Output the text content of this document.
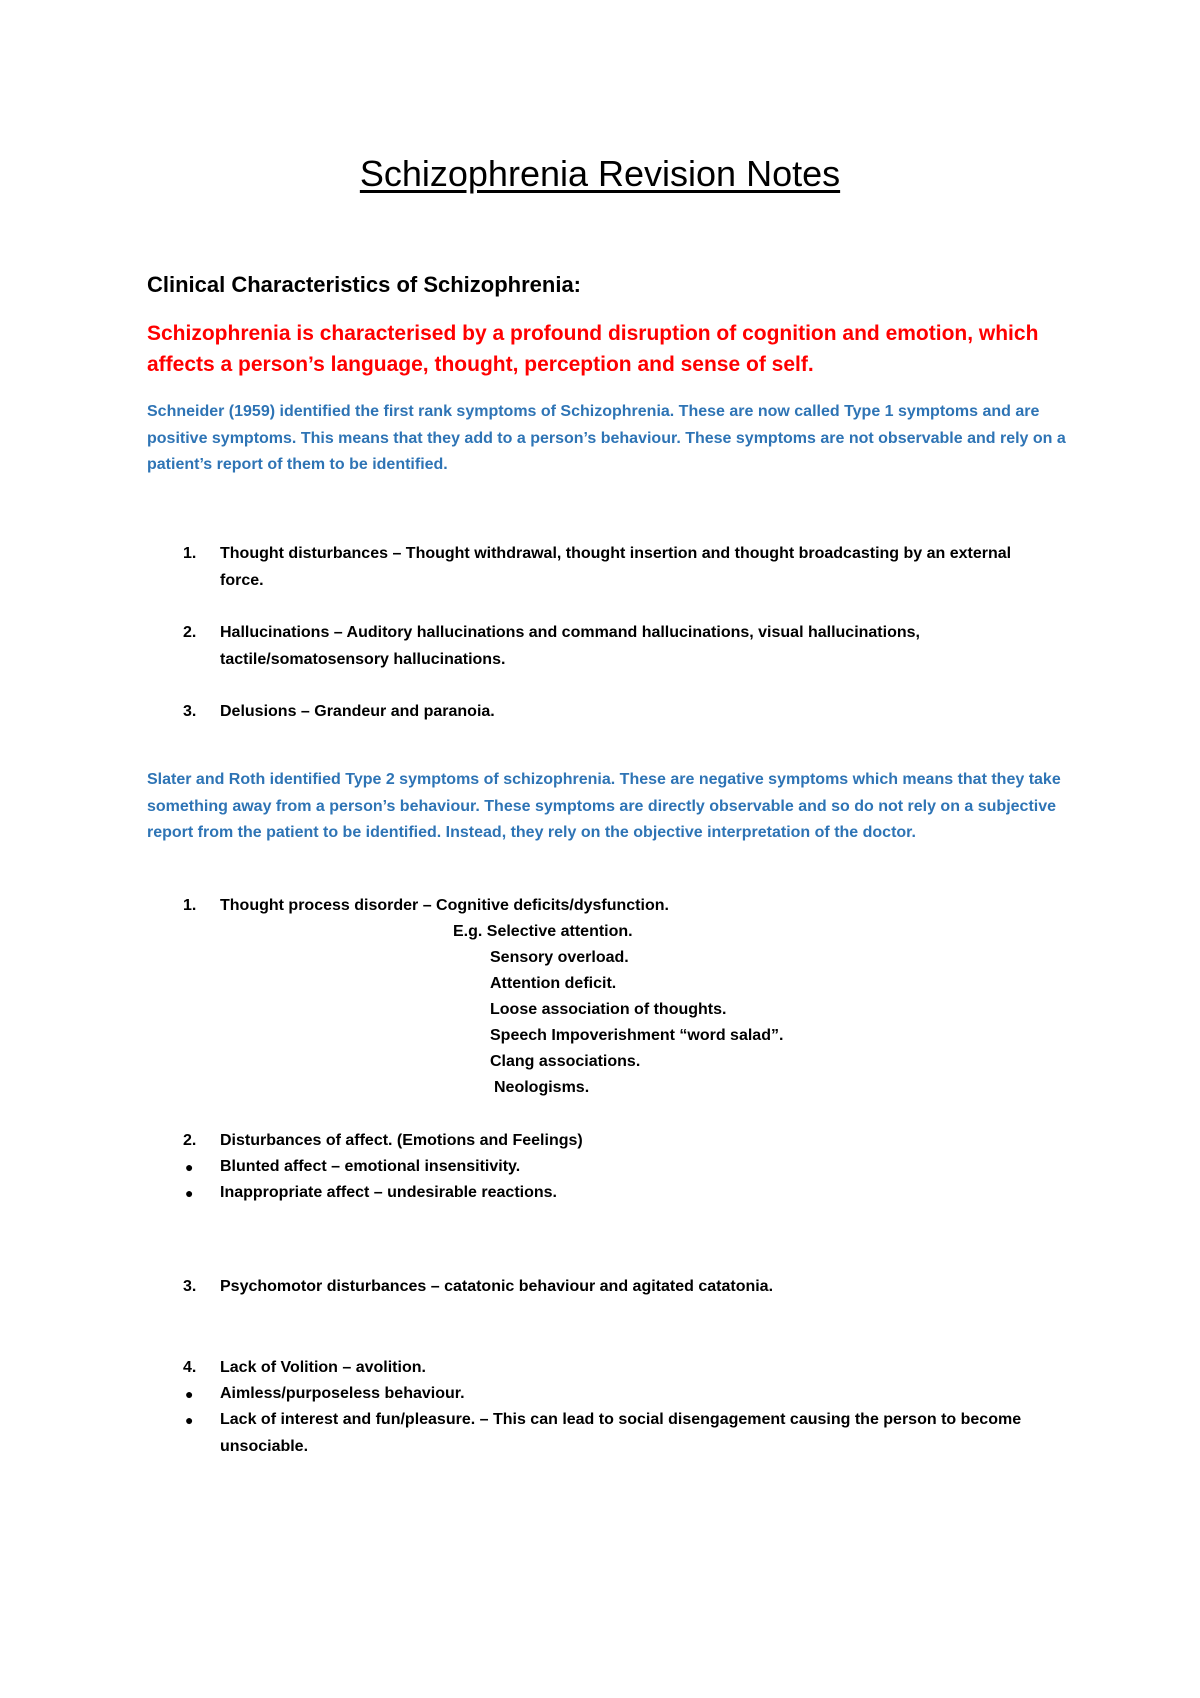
Schizophrenia Revision Notes
Clinical Characteristics of Schizophrenia:
Schizophrenia is characterised by a profound disruption of cognition and emotion, which affects a person’s language, thought, perception and sense of self.
Schneider (1959) identified the first rank symptoms of Schizophrenia. These are now called Type 1 symptoms and are positive symptoms. This means that they add to a person’s behaviour. These symptoms are not observable and rely on a patient’s report of them to be identified.
1.	Thought disturbances – Thought withdrawal, thought insertion and thought broadcasting by an external force.
2.	Hallucinations – Auditory hallucinations and command hallucinations, visual hallucinations, tactile/somatosensory hallucinations.
3.	Delusions – Grandeur and paranoia.
Slater and Roth identified Type 2 symptoms of schizophrenia. These are negative symptoms which means that they take something away from a person’s behaviour. These symptoms are directly observable and so do not rely on a subjective report from the patient to be identified. Instead, they rely on the objective interpretation of the doctor.
1.	Thought process disorder – Cognitive deficits/dysfunction.
E.g. Selective attention.
Sensory overload.
Attention deficit.
Loose association of thoughts.
Speech Impoverishment “word salad”.
Clang associations.
Neologisms.
2.	Disturbances of affect. (Emotions and Feelings)
●	Blunted affect – emotional insensitivity.
●	Inappropriate affect – undesirable reactions.
3.	Psychomotor disturbances – catatonic behaviour and agitated catatonia.
4.	Lack of Volition – avolition.
●	Aimless/purposeless behaviour.
●	Lack of interest and fun/pleasure. – This can lead to social disengagement causing the person to become unsociable.
